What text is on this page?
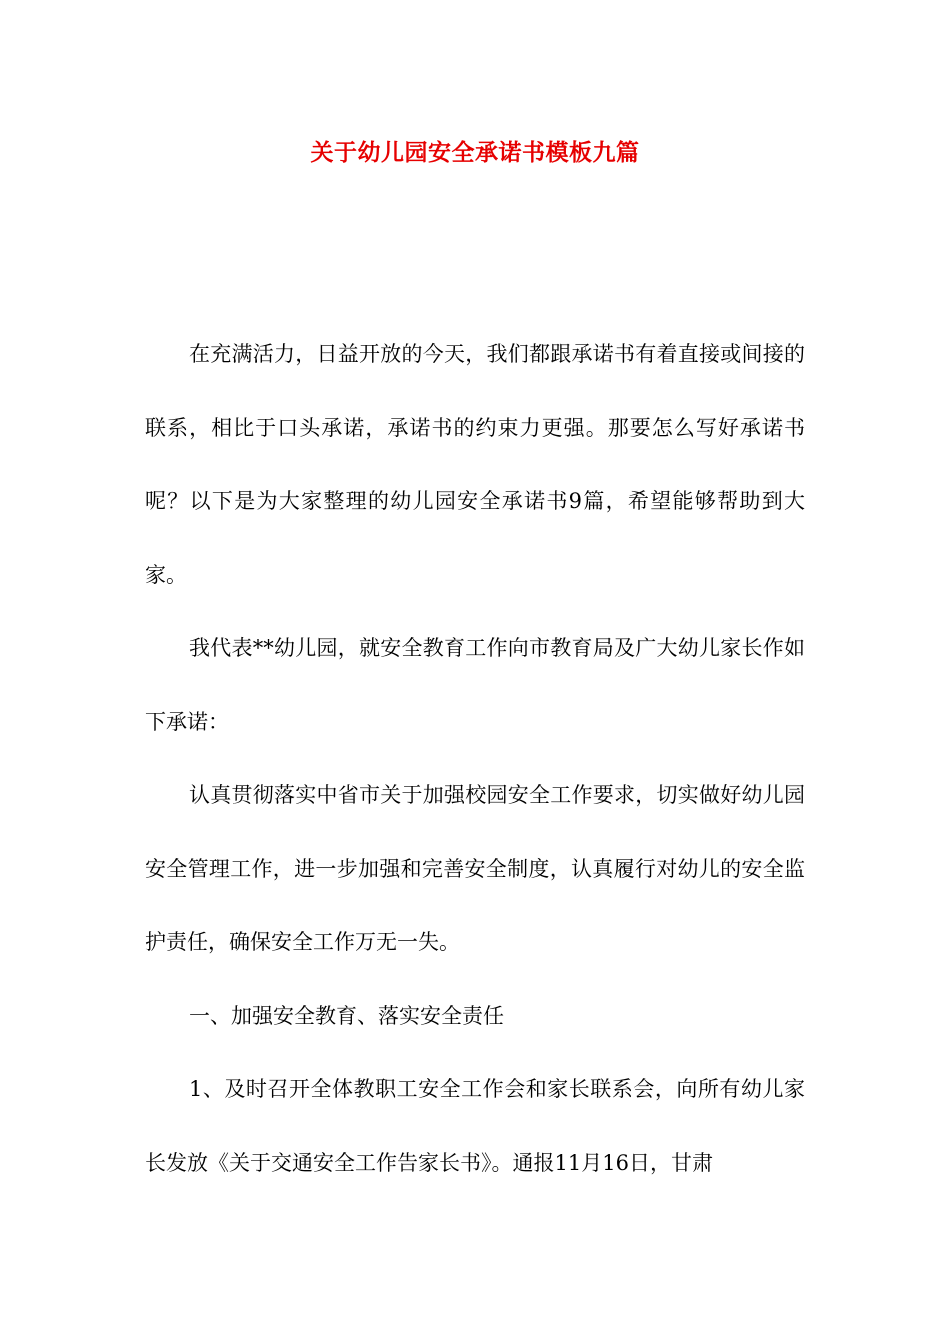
关于幼儿园安全承诺书模板九篇

在充满活力，日益开放的今天，我们都跟承诺书有着直接或间接的联系，相比于口头承诺，承诺书的约束力更强。那要怎么写好承诺书呢？以下是为大家整理的幼儿园安全承诺书9篇，希望能够帮助到大家。

我代表**幼儿园，就安全教育工作向市教育局及广大幼儿家长作如下承诺：

认真贯彻落实中省市关于加强校园安全工作要求，切实做好幼儿园安全管理工作，进一步加强和完善安全制度，认真履行对幼儿的安全监护责任，确保安全工作万无一失。

一、加强安全教育、落实安全责任

1、及时召开全体教职工安全工作会和家长联系会，向所有幼儿家长发放《关于交通安全工作告家长书》。通报11月16日，甘肃
